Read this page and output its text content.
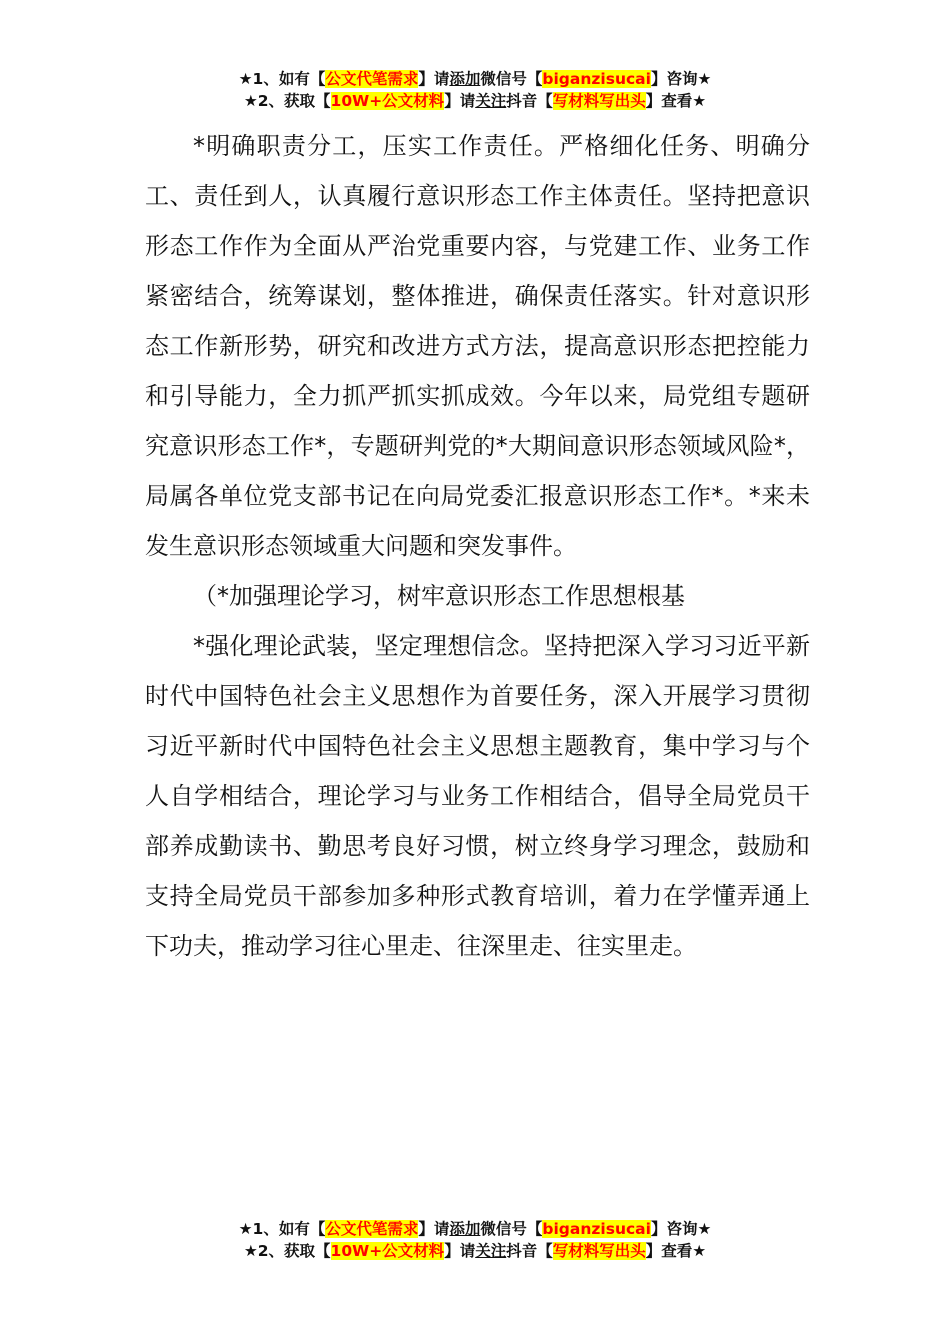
★1、如有【公文代笔需求】请添加微信号【biganzisucai】咨询★
★2、获取【10W+公文材料】请关注抖音【写材料写出头】查看★

*明确职责分工，压实工作责任。严格细化任务、明确分工、责任到人，认真履行意识形态工作主体责任。坚持把意识形态工作作为全面从严治党重要内容，与党建工作、业务工作紧密结合，统筹谋划，整体推进，确保责任落实。针对意识形态工作新形势，研究和改进方式方法，提高意识形态把控能力和引导能力，全力抓严抓实抓成效。今年以来，局党组专题研究意识形态工作*，专题研判党的*大期间意识形态领域风险*，局属各单位党支部书记在向局党委汇报意识形态工作*。*来未发生意识形态领域重大问题和突发事件。

（*加强理论学习，树牢意识形态工作思想根基

*强化理论武装，坚定理想信念。坚持把深入学习习近平新时代中国特色社会主义思想作为首要任务，深入开展学习贯彻习近平新时代中国特色社会主义思想主题教育，集中学习与个人自学相结合，理论学习与业务工作相结合，倡导全局党员干部养成勤读书、勤思考良好习惯，树立终身学习理念，鼓励和支持全局党员干部参加多种形式教育培训，着力在学懂弄通上下功夫，推动学习往心里走、往深里走、往实里走。

★1、如有【公文代笔需求】请添加微信号【biganzisucai】咨询★
★2、获取【10W+公文材料】请关注抖音【写材料写出头】查看★
